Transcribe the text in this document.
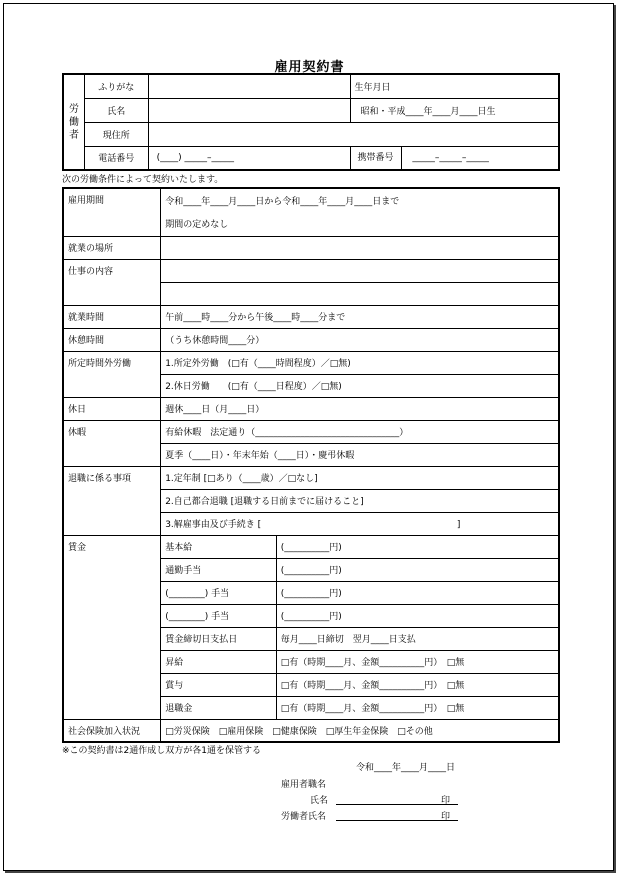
雇用契約書
労働者	ふりがな		生年月日
	氏名		昭和・平成____年____月____日生
	現住所		
	電話番号	(____) _____–_____	携帯番号 _____–_____–_____
次の労働条件によって契約いたします。
雇用期間	令和____年____月____日から令和____年____月____日まで	
	期間の定めなし	
就業の場所		
仕事の内容		

就業時間	午前____時____分から午後____時____分まで	
休憩時間	（うち休憩時間____分）	
所定時間外労働	1.所定外労働　(□有（____時間程度）／□無)	
	2.休日労働　　(□有（____日程度）／□無)	
休日	週休____日（月____日）	
休暇	有給休暇　法定通り（________________________________）	
	夏季（____日）・年末年始（____日）・慶弔休暇	
退職に係る事項	1.定年制 [□あり（____歳）／□なし]	
	2.自己都合退職 [退職する日前までに届けること]	
	3.解雇事由及び手続き [ ]	
賃金	基本給	(__________円)
	通勤手当	(__________円)
	(________) 手当	(__________円)
	(________) 手当	(__________円)
	賃金締切日支払日	毎月____日締切　翌月____日支払
	昇給	□有（時期____月、金額__________円）　□無
	賞与	□有（時期____月、金額__________円）　□無
	退職金	□有（時期____月、金額__________円）　□無
社会保険加入状況	□労災保険　□雇用保険　□健康保険　□厚生年金保険　□その他	
※この契約書は2通作成し双方が各1通を保管する
令和____年____月____日
雇用者職名
氏名	印
労働者氏名	印
